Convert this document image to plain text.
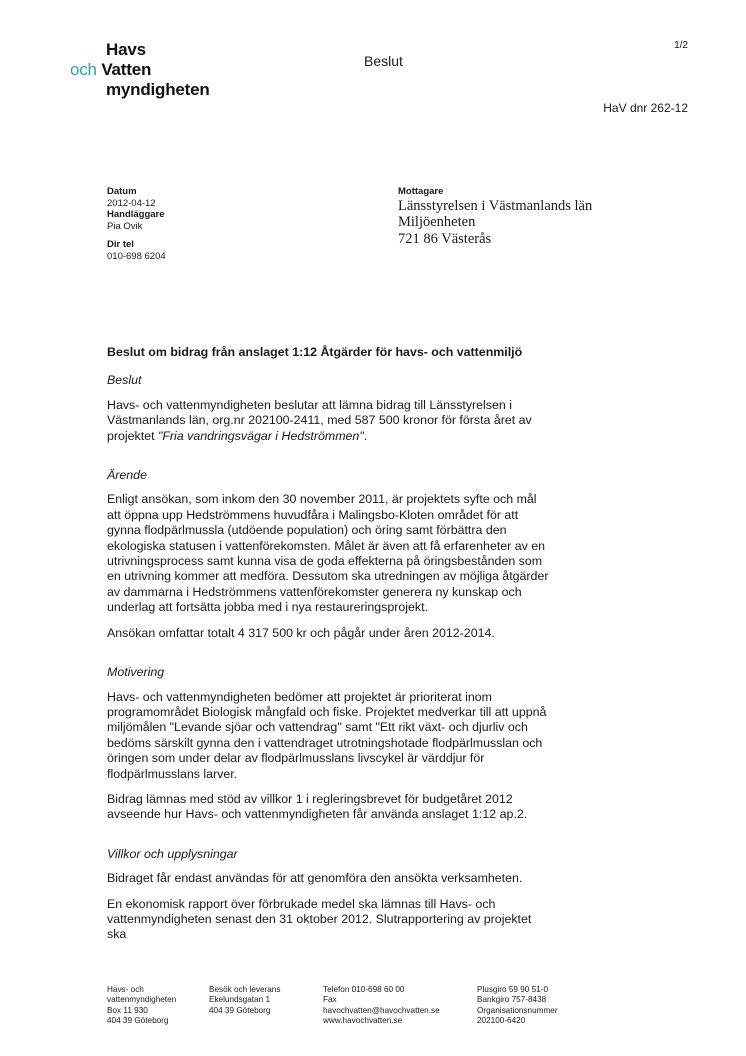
Havs
och Vatten
myndigheten
Beslut
1/2
HaV dnr 262-12
Datum
2012-04-12
Handläggare
Pia Ovik
Dir tel
010-698 6204
Mottagare
Länsstyrelsen i Västmanlands län
Miljöenheten
721 86 Västerås
Beslut om bidrag från anslaget 1:12 Åtgärder för havs- och vattenmiljö
Beslut

Havs- och vattenmyndigheten beslutar att lämna bidrag till Länsstyrelsen i Västmanlands län, org.nr 202100-2411, med 587 500 kronor för första året av projektet "Fria vandringsvägar i Hedströmmen".

Ärende

Enligt ansökan, som inkom den 30 november 2011, är projektets syfte och mål att öppna upp Hedströmmens huvudfåra i Malingsbo-Kloten området för att gynna flodpärlmussla (utdöende population) och öring samt förbättra den ekologiska statusen i vattenförekomsten. Målet är även att få erfarenheter av en utrivningsprocess samt kunna visa de goda effekterna på öringsbestånden som en utrivning kommer att medföra. Dessutom ska utredningen av möjliga åtgärder av dammarna i Hedströmmens vattenförekomster generera ny kunskap och underlag att fortsätta jobba med i nya restaureringsprojekt.

Ansökan omfattar totalt 4 317 500 kr och pågår under åren 2012-2014.

Motivering

Havs- och vattenmyndigheten bedömer att projektet är prioriterat inom programområdet Biologisk mångfald och fiske. Projektet medverkar till att uppnå miljömålen "Levande sjöar och vattendrag" samt "Ett rikt växt- och djurliv och bedöms särskilt gynna den i vattendraget utrotningshotade flodpärlmusslan och öringen som under delar av flodpärlmusslans livscykel är värddjur för flodpärlmusslans larver.

Bidrag lämnas med stöd av villkor 1 i regleringsbrevet för budgetåret 2012 avseende hur Havs- och vattenmyndigheten får använda anslaget 1:12 ap.2.

Villkor och upplysningar

Bidraget får endast användas för att genomföra den ansökta verksamheten.

En ekonomisk rapport över förbrukade medel ska lämnas till Havs- och vattenmyndigheten senast den 31 oktober 2012. Slutrapportering av projektet ska

Havs- och
vattenmyndigheten
Box 11 930
404 39 Göteborg
Besök och leverans
Ekelundsgatan 1
404 39 Göteborg
Telefon 010-698 60 00
Fax
havochvatten@havochvatten.se
www.havochvatten.se
Plusgiro 59 90 51-0
Bankgiro 757-8438
Organisationsnummer
202100-6420
